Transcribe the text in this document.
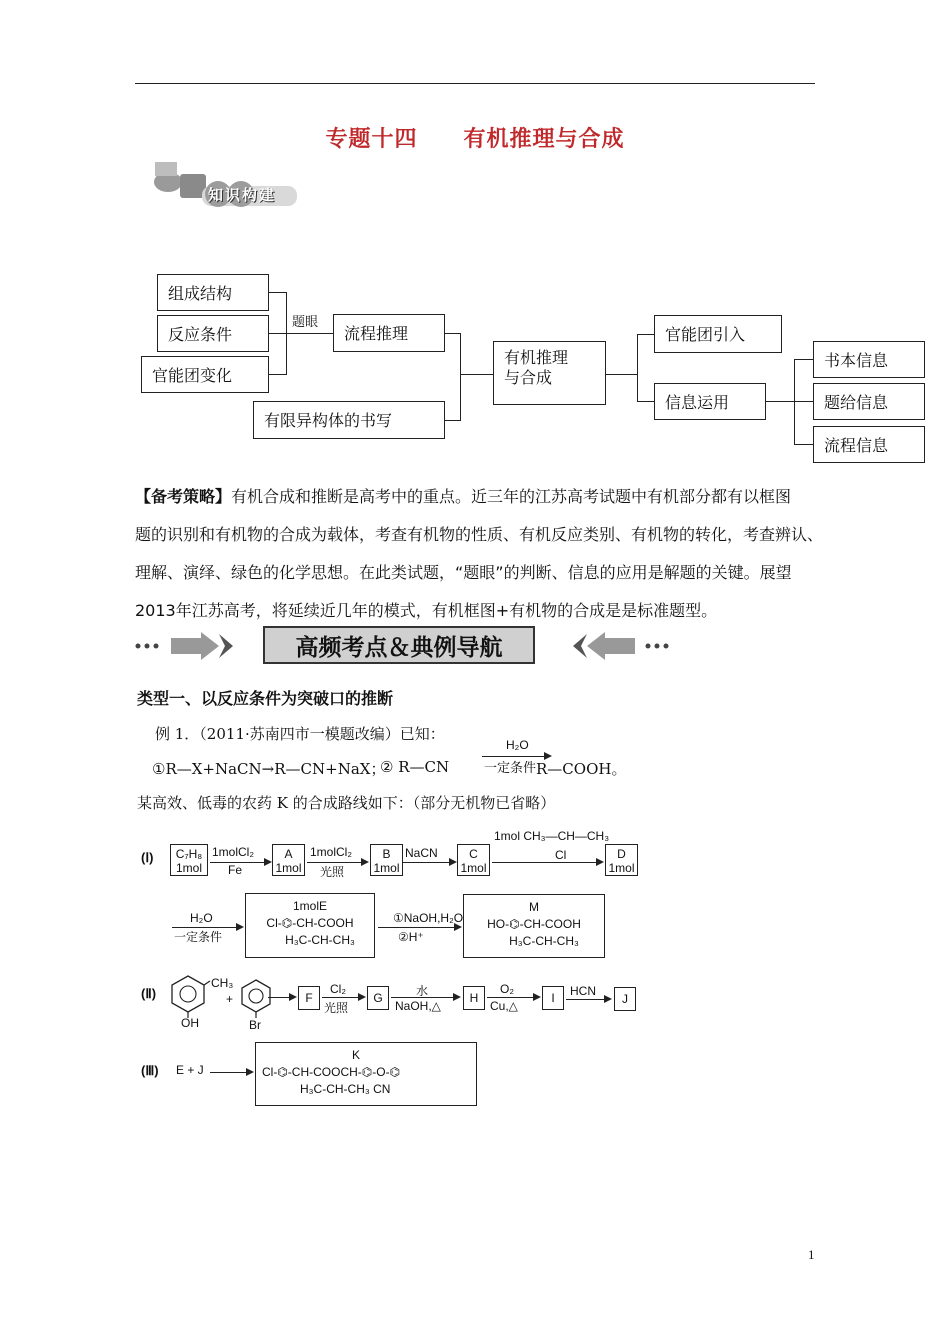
专题十四　　有机推理与合成
知识构建
组成结构
反应条件
官能团变化
题眼
流程推理
有限异构体的书写
有机推理
与合成
官能团引入
信息运用
书本信息
题给信息
流程信息
【备考策略】有机合成和推断是高考中的重点。近三年的江苏高考试题中有机部分都有以框图
题的识别和有机物的合成为载体，考查有机物的性质、有机反应类别、有机物的转化，考查辨认、
理解、演绎、绿色的化学思想。在此类试题，“题眼”的判断、信息的应用是解题的关键。展望
2013年江苏高考，将延续近几年的模式，有机框图+有机物的合成是是标准题型。
高频考点＆典例导航
类型一、以反应条件为突破口的推断
例 1．（2011·苏南四市一模题改编）已知：
①R—X+NaCN→R—CN+NaX；
② R—CN
H₂O
一定条件 R—COOH。
某高效、低毒的农药 K 的合成路线如下：（部分无机物已省略）
(Ⅰ)	C₇H₈
1mol
1molCl₂
Fe
A
1mol
1molCl₂
光照
B
1mol
NaCN	C
1mol
1mol CH₃—CH—CH₃
Cl	D
1mol
H₂O
一定条件
1molE
Cl-⌬-CH-COOH
H₃C-CH-CH₃
①NaOH,H₂O
②H⁺
M
HO-⌬-CH-COOH
H₃C-CH-CH₃
(Ⅱ)
CH₃
OH
+
Br
F
Cl₂
光照
G	水
NaOH,△
H
O₂
Cu,△
I	HCN
J
(Ⅲ) E + J
K
Cl-⌬-CH-COOCH-⌬-O-⌬
H₃C-CH-CH₃ CN
1
